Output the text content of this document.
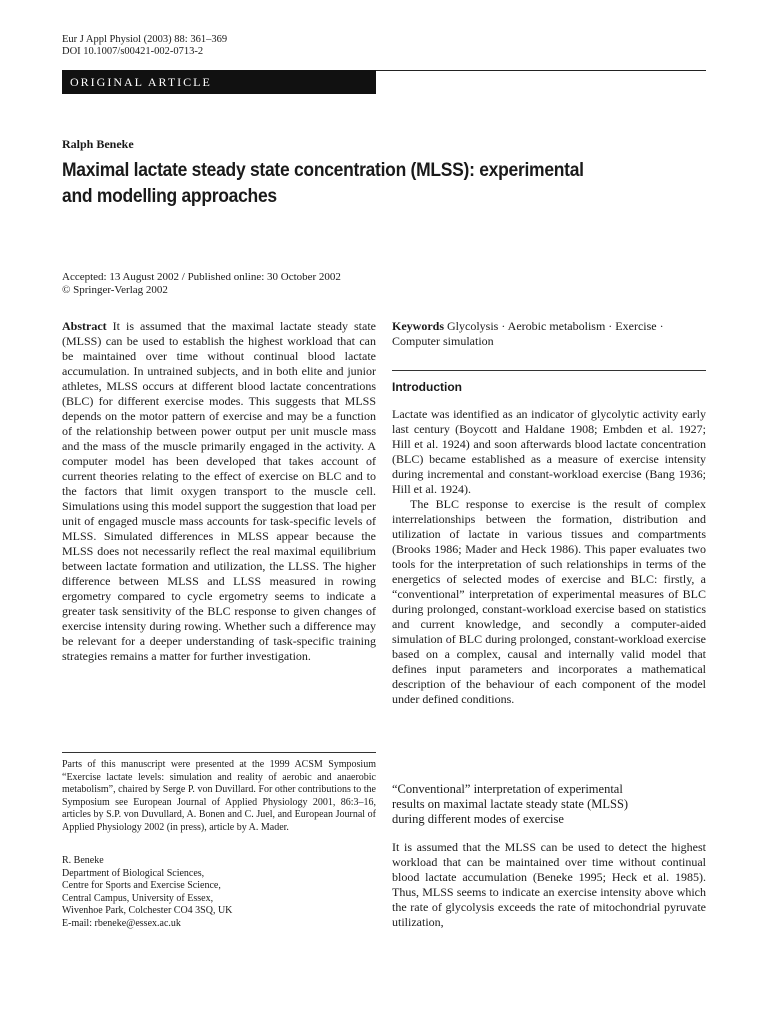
Eur J Appl Physiol (2003) 88: 361–369
DOI 10.1007/s00421-002-0713-2
ORIGINAL ARTICLE
Ralph Beneke
Maximal lactate steady state concentration (MLSS): experimental
and modelling approaches
Accepted: 13 August 2002 / Published online: 30 October 2002
© Springer-Verlag 2002

Abstract It is assumed that the maximal lactate steady state (MLSS) can be used to establish the highest workload that can be maintained over time without continual blood lactate accumulation. In untrained subjects, and in both elite and junior athletes, MLSS occurs at different blood lactate concentrations (BLC) for different exercise modes. This suggests that MLSS depends on the motor pattern of exercise and may be a function of the relationship between power output per unit muscle mass and the mass of the muscle primarily engaged in the activity. A computer model has been developed that takes account of current theories relating to the effect of exercise on BLC and to the factors that limit oxygen transport to the muscle cell. Simulations using this model support the suggestion that load per unit of engaged muscle mass accounts for task-specific levels of MLSS. Simulated differences in MLSS appear because the MLSS does not necessarily reflect the real maximal equilibrium between lactate formation and utilization, the LLSS. The higher difference between MLSS and LLSS measured in rowing ergometry compared to cycle ergometry seems to indicate a greater task sensitivity of the BLC response to given changes of exercise intensity during rowing. Whether such a difference may be relevant for a deeper understanding of task-specific training strategies remains a matter for further investigation.

Parts of this manuscript were presented at the 1999 ACSM Symposium “Exercise lactate levels: simulation and reality of aerobic and anaerobic metabolism”, chaired by Serge P. von Duvillard. For other contributions to the Symposium see European Journal of Applied Physiology 2001, 86:3–16, articles by S.P. von Duvullard, A. Bonen and C. Juel, and European Journal of Applied Physiology 2002 (in press), article by A. Mader.

R. Beneke
Department of Biological Sciences,
Centre for Sports and Exercise Science,
Central Campus, University of Essex,
Wivenhoe Park, Colchester CO4 3SQ, UK
E-mail: rbeneke@essex.ac.uk

Keywords Glycolysis · Aerobic metabolism · Exercise · Computer simulation

Introduction

Lactate was identified as an indicator of glycolytic activity early last century (Boycott and Haldane 1908; Embden et al. 1927; Hill et al. 1924) and soon afterwards blood lactate concentration (BLC) became established as a measure of exercise intensity during incremental and constant-workload exercise (Bang 1936; Hill et al. 1924).

The BLC response to exercise is the result of complex interrelationships between the formation, distribution and utilization of lactate in various tissues and compartments (Brooks 1986; Mader and Heck 1986). This paper evaluates two tools for the interpretation of such relationships in terms of the energetics of selected modes of exercise and BLC: firstly, a “conventional” interpretation of experimental measures of BLC during prolonged, constant-workload exercise based on statistics and current knowledge, and secondly a computer-aided simulation of BLC during prolonged, constant-workload exercise based on a complex, causal and internally valid model that defines input parameters and incorporates a mathematical description of the behaviour of each component of the model under defined conditions.

“Conventional” interpretation of experimental
results on maximal lactate steady state (MLSS)
during different modes of exercise

It is assumed that the MLSS can be used to detect the highest workload that can be maintained over time without continual blood lactate accumulation (Beneke 1995; Heck et al. 1985). Thus, MLSS seems to indicate an exercise intensity above which the rate of glycolysis exceeds the rate of mitochondrial pyruvate utilization,
